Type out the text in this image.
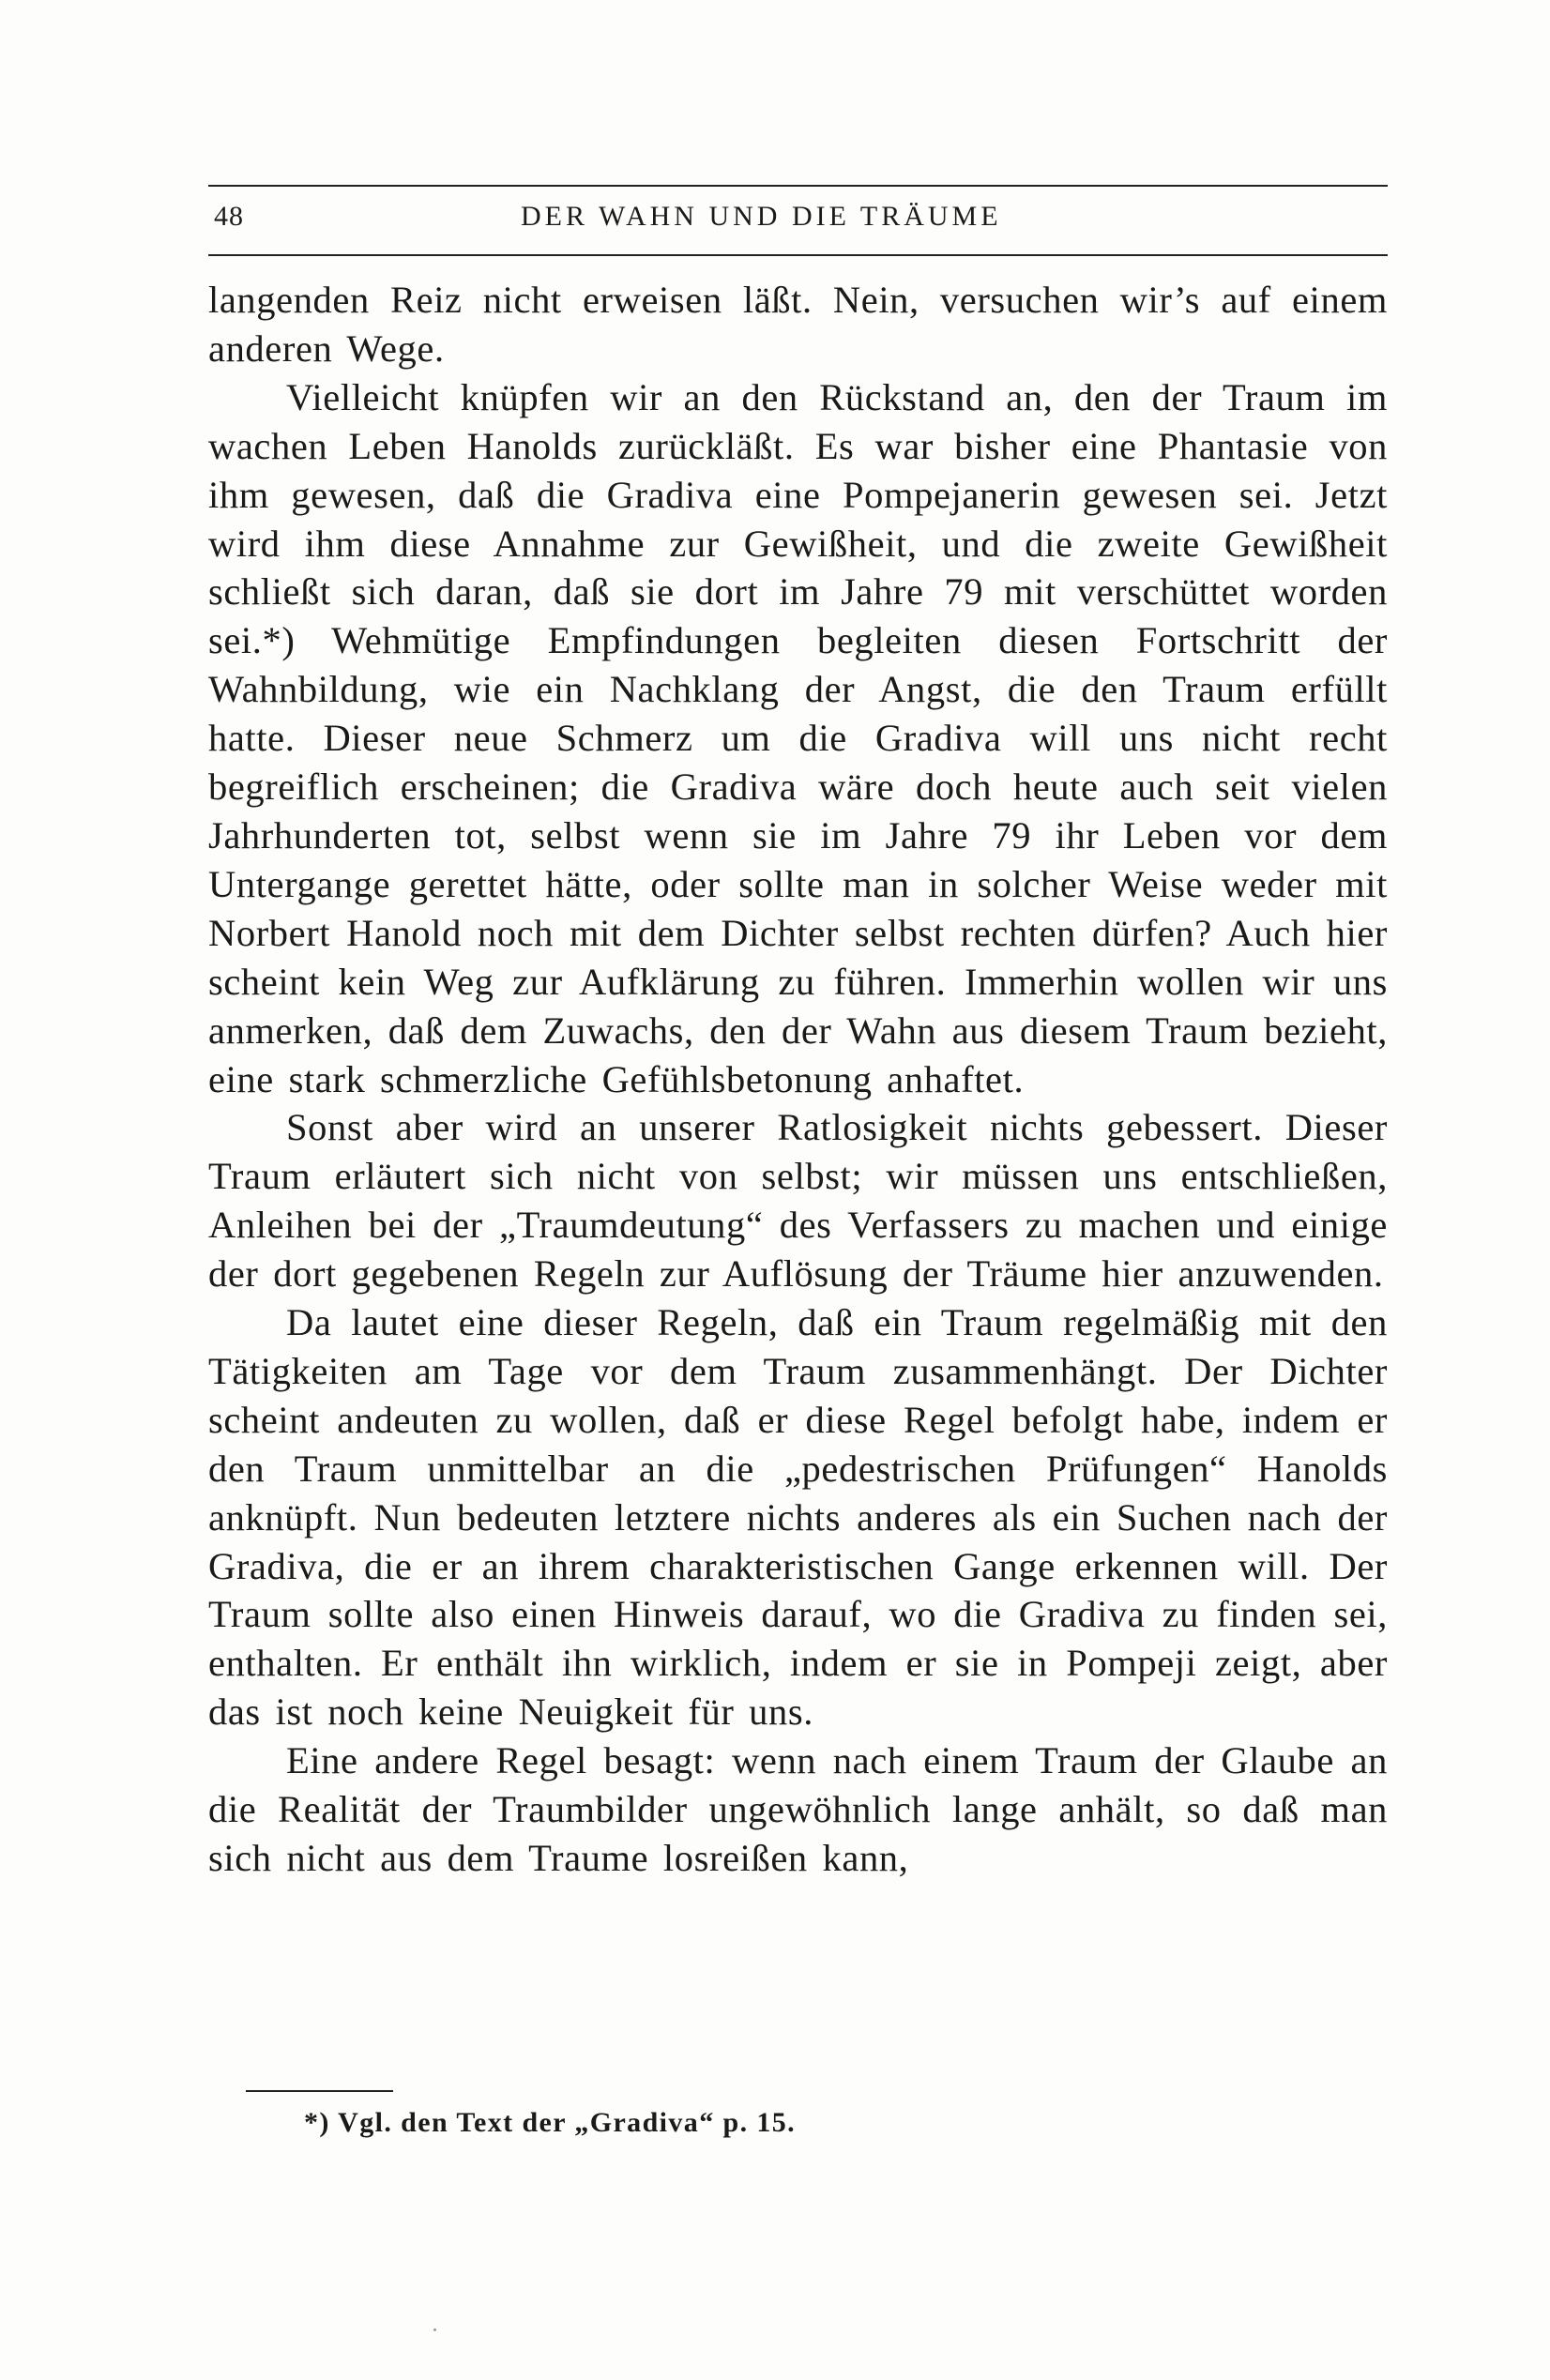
48	DER WAHN UND DIE TRÄUME

langenden Reiz nicht erweisen läßt. Nein, versuchen wir’s auf einem anderen Wege.

Vielleicht knüpfen wir an den Rückstand an, den der Traum im wachen Leben Hanolds zurückläßt. Es war bisher eine Phantasie von ihm gewesen, daß die Gradiva eine Pompejanerin gewesen sei. Jetzt wird ihm diese Annahme zur Gewißheit, und die zweite Gewißheit schließt sich daran, daß sie dort im Jahre 79 mit verschüttet worden sei.*) Wehmütige Empfindungen begleiten diesen Fortschritt der Wahnbildung, wie ein Nachklang der Angst, die den Traum erfüllt hatte. Dieser neue Schmerz um die Gradiva will uns nicht recht begreiflich erscheinen; die Gradiva wäre doch heute auch seit vielen Jahrhunderten tot, selbst wenn sie im Jahre 79 ihr Leben vor dem Untergange gerettet hätte, oder sollte man in solcher Weise weder mit Norbert Hanold noch mit dem Dichter selbst rechten dürfen? Auch hier scheint kein Weg zur Aufklärung zu führen. Immerhin wollen wir uns anmerken, daß dem Zuwachs, den der Wahn aus diesem Traum bezieht, eine stark schmerzliche Gefühlsbetonung anhaftet.

Sonst aber wird an unserer Ratlosigkeit nichts gebessert. Dieser Traum erläutert sich nicht von selbst; wir müssen uns entschließen, Anleihen bei der „Traumdeutung“ des Verfassers zu machen und einige der dort gegebenen Regeln zur Auflösung der Träume hier anzuwenden.

Da lautet eine dieser Regeln, daß ein Traum regelmäßig mit den Tätigkeiten am Tage vor dem Traum zusammenhängt. Der Dichter scheint andeuten zu wollen, daß er diese Regel befolgt habe, indem er den Traum unmittelbar an die „pedestrischen Prüfungen“ Hanolds anknüpft. Nun bedeuten letztere nichts anderes als ein Suchen nach der Gradiva, die er an ihrem charakteristischen Gange erkennen will. Der Traum sollte also einen Hinweis darauf, wo die Gradiva zu finden sei, enthalten. Er enthält ihn wirklich, indem er sie in Pompeji zeigt, aber das ist noch keine Neuigkeit für uns.

Eine andere Regel besagt: wenn nach einem Traum der Glaube an die Realität der Traumbilder ungewöhnlich lange anhält, so daß man sich nicht aus dem Traume losreißen kann,

*) Vgl. den Text der „Gradiva“ p. 15.
